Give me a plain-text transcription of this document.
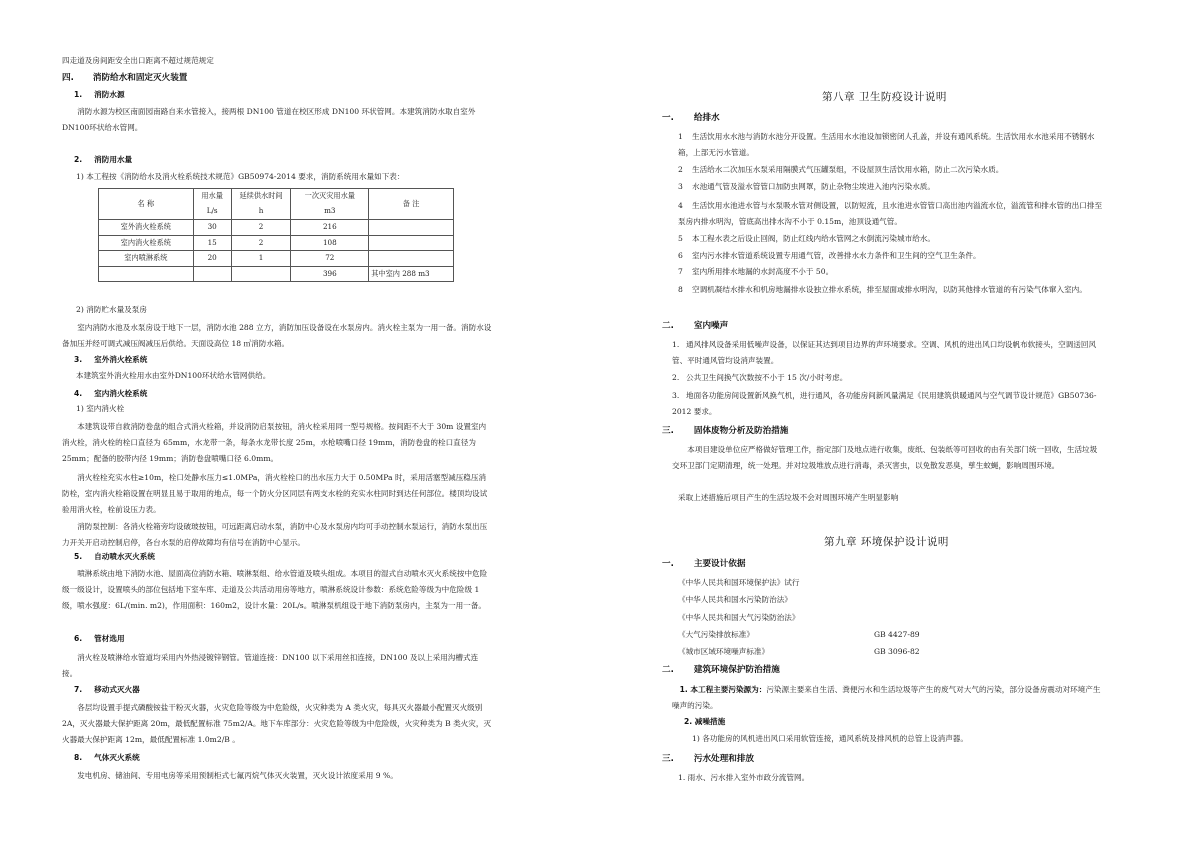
四走道及房间距安全出口距离不超过规范规定
四. 消防给水和固定灭火装置
1. 消防水源
消防水源为校区南面园南路自来水管接入，接两根 DN100 管道在校区形成 DN100 环状管网。本建筑消防水取自室外DN100环状给水管网。
2. 消防用水量
1) 本工程按《消防给水及消火栓系统技术规范》GB50974-2014 要求，消防系统用水量如下表：
名 称	用水量	延续供水时间	一次灭灾用水量	备 注
	L/s	h	m3	
室外消火栓系统	30	2	216	
室内消火栓系统	15	2	108	
室内喷淋系统	20	1	72	
			396	其中室内 288 m3
2) 消防贮水量及泵房
室内消防水池及水泵房设于地下一层，消防水池 288 立方，消防加压设备设在水泵房内。消火栓主泵为一用一备。消防水设备加压并经可调式减压阀减压后供给。天面设高位 18 ㎥消防水箱。
3. 室外消火栓系统
本建筑室外消火栓用水由室外DN100环状给水管网供给。
4. 室内消火栓系统
1) 室内消火栓
本建筑设带自救消防卷盘的组合式消火栓箱，并设消防启泵按钮，消火栓采用同一型号规格。按间距不大于 30m 设置室内消火栓，消火栓的栓口直径为 65mm，水龙带一条，每条水龙带长度 25m，水枪喷嘴口径 19mm，消防卷盘的栓口直径为 25mm；配备的胶带内径 19mm；消防卷盘喷嘴口径 6.0mm。
消火栓栓充实水柱≥10m，栓口处静水压力≤1.0MPa，消火栓栓口的出水压力大于 0.50MPa 时，采用活塞型减压稳压消防栓，室内消火栓箱设置在明显且易于取用的地点，每一个防火分区同层有两支水栓的充实水柱同时到达任何部位。楼顶均设试验用消火栓，栓前设压力表。
消防泵控制：各消火栓箱旁均设破玻按钮，可远距离启动水泵，消防中心及水泵房内均可手动控制水泵运行，消防水泵出压力开关开启动控制启停，各台水泵的启停故障均有信号在消防中心显示。
5. 自动喷水灭火系统
喷淋系统由地下消防水池、屋面高位消防水箱、喷淋泵组、给水管道及喷头组成。本项目的湿式自动喷水灭火系统按中危险级一级设计，设置喷头的部位包括地下室车库、走道及公共活动用房等地方，喷淋系统设计参数：系统危险等级为中危险级 1 级，喷水强度：6L/(min. m2)，作用面积：160m2，设计水量：20L/s。喷淋泵机组设于地下消防泵房内，主泵为一用一备。
6. 管材选用
消火栓及喷淋给水管道均采用内外热浸镀锌钢管。管道连接：DN100 以下采用丝扣连接，DN100 及以上采用沟槽式连接。
7. 移动式灭火器
各层均设置手提式磷酸铵盐干粉灭火器，火灾危险等级为中危险级，火灾种类为 A 类火灾，每具灭火器最小配置灭火级别 2A，灭火器最大保护距离 20m，最低配置标准 75m2/A。地下车库部分：火灾危险等级为中危险级，火灾种类为 B 类火灾，灭火器最大保护距离 12m，最低配置标准 1.0m2/B 。
8. 气体灭火系统
发电机房、储油间、专用电房等采用预制柜式七氟丙烷气体灭火装置，灭火设计浓度采用 9 %。
第八章 卫生防疫设计说明
一. 给排水
1 生活饮用水水池与消防水池分开设置。生活用水水池设加锁密闭人孔盖，并设有通风系统。生活饮用水水池采用不锈钢水箱，上部无污水管道。
2 生活给水二次加压水泵采用隔膜式气压罐泵组，不设屋顶生活饮用水箱，防止二次污染水质。
3 水池通气管及溢水管管口加防虫网罩，防止杂物尘埃进入池内污染水质。
4 生活饮用水池进水管与水泵吸水管对侧设置，以防短流，且水池进水管管口高出池内溢流水位，溢流管和排水管的出口排至泵房内排水明沟，管底高出排水沟不小于 0.15m，池顶设通气管。
5 本工程水表之后设止回阀，防止红线内给水管网之水倒流污染城市给水。
6 室内污水排水管道系统设置专用通气管，改善排水水力条件和卫生间的空气卫生条件。
7 室内所用排水地漏的水封高度不小于 50。
8 空调机凝结水排水和机房地漏排水设独立排水系统，排至屋面或排水明沟，以防其他排水管道的有污染气体窜入室内。
二. 室内噪声
1. 通风排风设备采用低噪声设备，以保证其达到项目边界的声环境要求。空调、风机的进出风口均设帆布软接头，空调送回风管、平时通风管均设消声装置。
2. 公共卫生间换气次数按不小于 15 次/小时考虑。
3. 地面各功能房间设置新风换气机，进行通风，各功能房间新风量满足《民用建筑供暖通风与空气调节设计规范》GB50736-2012 要求。
三. 固体废物分析及防治措施
本项目建设单位应严格做好管理工作，指定部门及地点进行收集，废纸、包装纸等可回收的由有关部门统一回收，生活垃圾交环卫部门定期清理，统一处理。并对垃圾堆放点进行消毒，杀灭害虫，以免散发恶臭，孳生蚊蝇，影响周围环境。
采取上述措施后项目产生的生活垃圾不会对周围环境产生明显影响
第九章 环境保护设计说明
一. 主要设计依据
《中华人民共和国环境保护法》试行
《中华人民共和国水污染防治法》
《中华人民共和国大气污染防治法》
《大气污染排放标准》	GB 4427-89
《城市区域环境噪声标准》	GB 3096-82
二. 建筑环境保护防治措施
1. 本工程主要污染源为：污染源主要来自生活、粪便污水和生活垃圾等产生的废气对大气的污染，部分设备房震动对环境产生噪声的污染。
2. 减噪措施
1) 各功能房的风机进出风口采用软管连接，通风系统及排风机的总管上设消声器。
三. 污水处理和排放
1. 雨水、污水排入室外市政分流管网。
